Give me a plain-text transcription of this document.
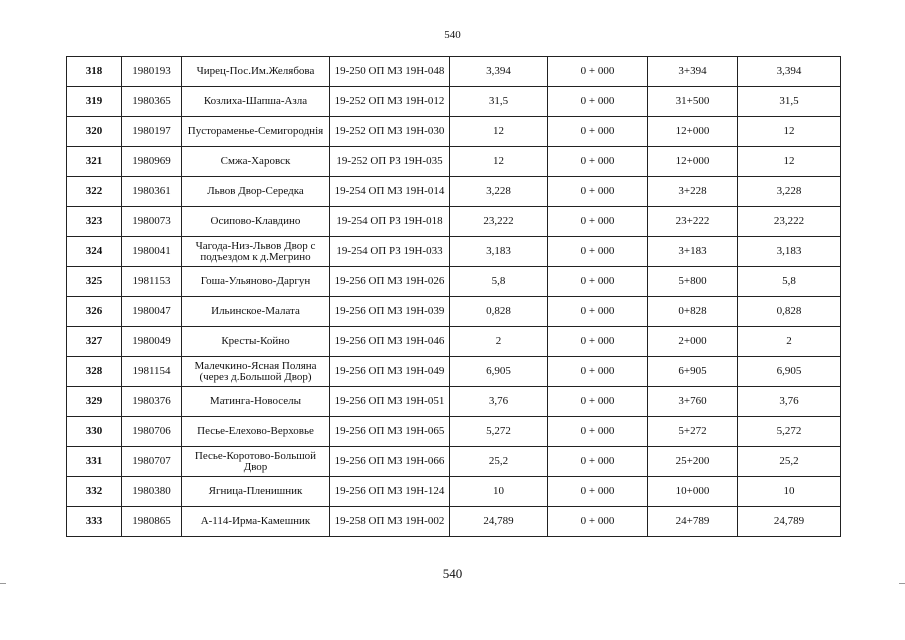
540
318	1980193	Чирец-Пос.Им.Желябова	19-250 ОП МЗ 19Н-048	3,394	0 + 000	3+394	3,394
319	1980365	Козлиха-Шапша-Азла	19-252 ОП МЗ 19Н-012	31,5	0 + 000	31+500	31,5
320	1980197	Пустораменье-Семигороднія	19-252 ОП МЗ 19Н-030	12	0 + 000	12+000	12
321	1980969	Смжа-Харовск	19-252 ОП РЗ 19Н-035	12	0 + 000	12+000	12
322	1980361	Львов Двор-Середка	19-254 ОП МЗ 19Н-014	3,228	0 + 000	3+228	3,228
323	1980073	Осипово-Клавдино	19-254 ОП РЗ 19Н-018	23,222	0 + 000	23+222	23,222
324	1980041	Чагода-Низ-Львов Двор с подъездом к д.Мегрино	19-254 ОП РЗ 19Н-033	3,183	0 + 000	3+183	3,183
325	1981153	Гоша-Ульяново-Даргун	19-256 ОП МЗ 19Н-026	5,8	0 + 000	5+800	5,8
326	1980047	Ильинское-Малата	19-256 ОП МЗ 19Н-039	0,828	0 + 000	0+828	0,828
327	1980049	Кресты-Койно	19-256 ОП МЗ 19Н-046	2	0 + 000	2+000	2
328	1981154	Малечкино-Ясная Поляна (через д.Большой Двор)	19-256 ОП МЗ 19Н-049	6,905	0 + 000	6+905	6,905
329	1980376	Матинга-Новоселы	19-256 ОП МЗ 19Н-051	3,76	0 + 000	3+760	3,76
330	1980706	Песье-Елехово-Верховье	19-256 ОП МЗ 19Н-065	5,272	0 + 000	5+272	5,272
331	1980707	Песье-Коротово-Большой Двор	19-256 ОП МЗ 19Н-066	25,2	0 + 000	25+200	25,2
332	1980380	Ягница-Пленишник	19-256 ОП МЗ 19Н-124	10	0 + 000	10+000	10
333	1980865	А-114-Ирма-Камешник	19-258 ОП МЗ 19Н-002	24,789	0 + 000	24+789	24,789
540
